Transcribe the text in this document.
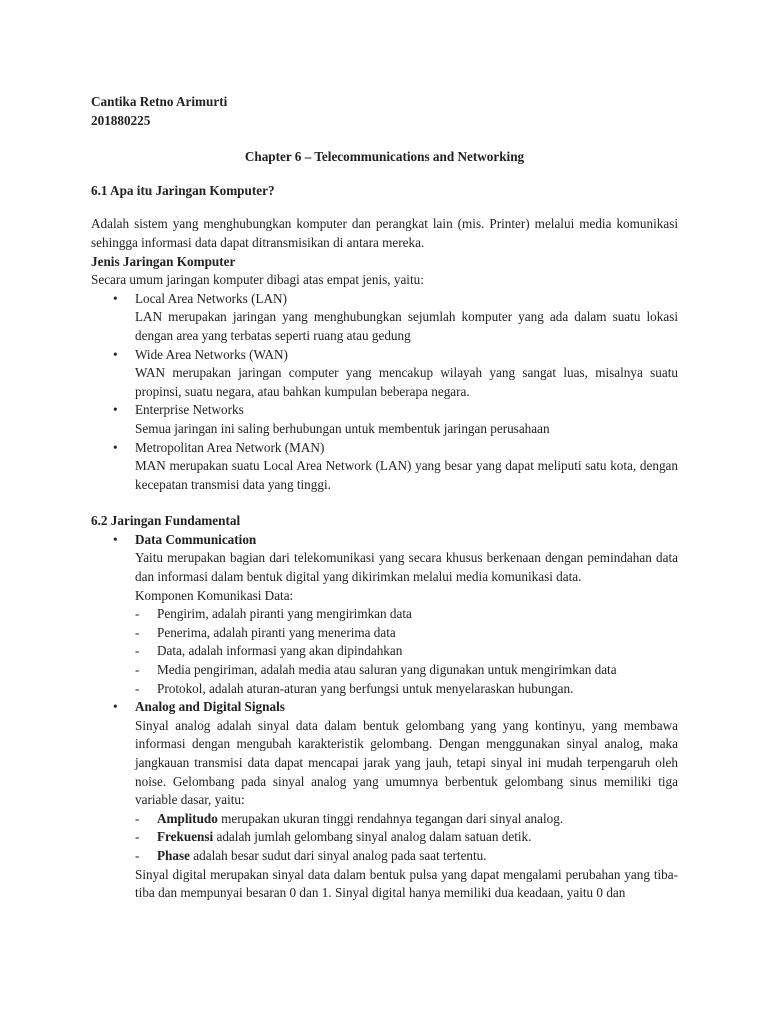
Cantika Retno Arimurti

201880225

Chapter 6 – Telecommunications and Networking

6.1 Apa itu Jaringan Komputer?

Adalah sistem yang menghubungkan komputer dan perangkat lain (mis. Printer) melalui media komunikasi sehingga informasi data dapat ditransmisikan di antara mereka.

Jenis Jaringan Komputer

Secara umum jaringan komputer dibagi atas empat jenis, yaitu:

• Local Area Networks (LAN)
LAN merupakan jaringan yang menghubungkan sejumlah komputer yang ada dalam suatu lokasi dengan area yang terbatas seperti ruang atau gedung
• Wide Area Networks (WAN)
WAN merupakan jaringan computer yang mencakup wilayah yang sangat luas, misalnya suatu propinsi, suatu negara, atau bahkan kumpulan beberapa negara.
• Enterprise Networks
Semua jaringan ini saling berhubungan untuk membentuk jaringan perusahaan
• Metropolitan Area Network (MAN)
MAN merupakan suatu Local Area Network (LAN) yang besar yang dapat meliputi satu kota, dengan kecepatan transmisi data yang tinggi.

6.2 Jaringan Fundamental

• Data Communication
Yaitu merupakan bagian dari telekomunikasi yang secara khusus berkenaan dengan pemindahan data dan informasi dalam bentuk digital yang dikirimkan melalui media komunikasi data.
Komponen Komunikasi Data:
- Pengirim, adalah piranti yang mengirimkan data
- Penerima, adalah piranti yang menerima data
- Data, adalah informasi yang akan dipindahkan
- Media pengiriman, adalah media atau saluran yang digunakan untuk mengirimkan data
- Protokol, adalah aturan-aturan yang berfungsi untuk menyelaraskan hubungan.
• Analog and Digital Signals
Sinyal analog adalah sinyal data dalam bentuk gelombang yang yang kontinyu, yang membawa informasi dengan mengubah karakteristik gelombang. Dengan menggunakan sinyal analog, maka jangkauan transmisi data dapat mencapai jarak yang jauh, tetapi sinyal ini mudah terpengaruh oleh noise. Gelombang pada sinyal analog yang umumnya berbentuk gelombang sinus memiliki tiga variable dasar, yaitu:
- Amplitudo merupakan ukuran tinggi rendahnya tegangan dari sinyal analog.
- Frekuensi adalah jumlah gelombang sinyal analog dalam satuan detik.
- Phase adalah besar sudut dari sinyal analog pada saat tertentu.
Sinyal digital merupakan sinyal data dalam bentuk pulsa yang dapat mengalami perubahan yang tiba-tiba dan mempunyai besaran 0 dan 1. Sinyal digital hanya memiliki dua keadaan, yaitu 0 dan
